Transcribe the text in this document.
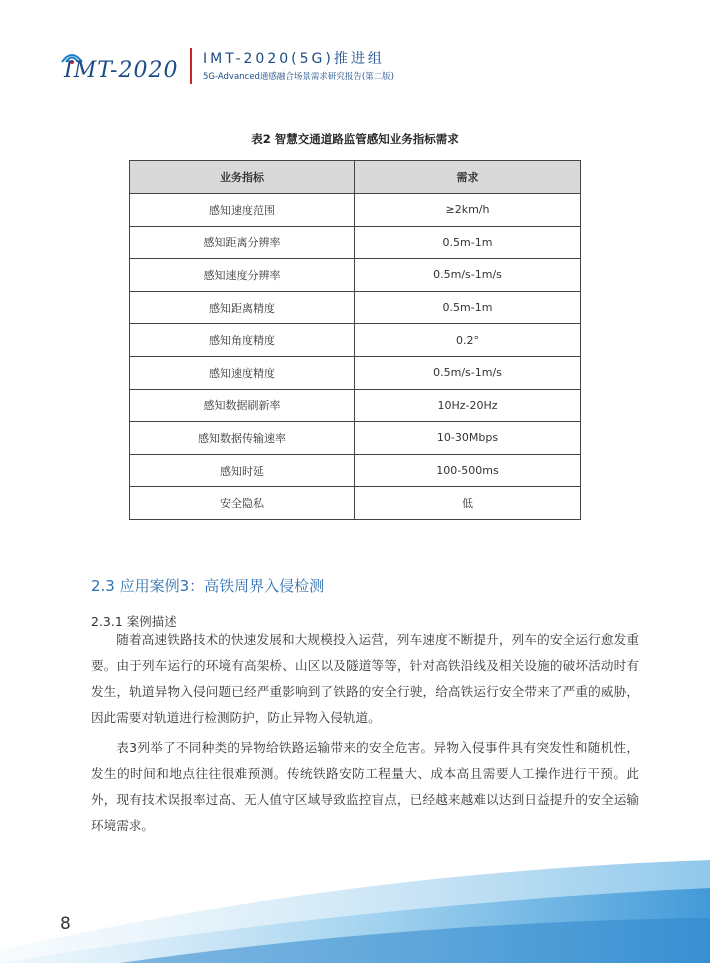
IMT-2020 IMT-2020(5G)推进组
5G-Advanced通感融合场景需求研究报告(第二版)
表2 智慧交通道路监管感知业务指标需求
业务指标	需求
感知速度范围	≥2km/h
感知距离分辨率	0.5m-1m
感知速度分辨率	0.5m/s-1m/s
感知距离精度	0.5m-1m
感知角度精度	0.2°
感知速度精度	0.5m/s-1m/s
感知数据刷新率	10Hz-20Hz
感知数据传输速率	10-30Mbps
感知时延	100-500ms
安全隐私	低
2.3 应用案例3：高铁周界入侵检测
2.3.1 案例描述

随着高速铁路技术的快速发展和大规模投入运营，列车速度不断提升，列车的安全运行愈发重要。由于列车运行的环境有高架桥、山区以及隧道等等，针对高铁沿线及相关设施的破坏活动时有发生，轨道异物入侵问题已经严重影响到了铁路的安全行驶，给高铁运行安全带来了严重的威胁，因此需要对轨道进行检测防护，防止异物入侵轨道。

表3列举了不同种类的异物给铁路运输带来的安全危害。异物入侵事件具有突发性和随机性，发生的时间和地点往往很难预测。传统铁路安防工程量大、成本高且需要人工操作进行干预。此外，现有技术误报率过高、无人值守区域导致监控盲点，已经越来越难以达到日益提升的安全运输环境需求。

8
